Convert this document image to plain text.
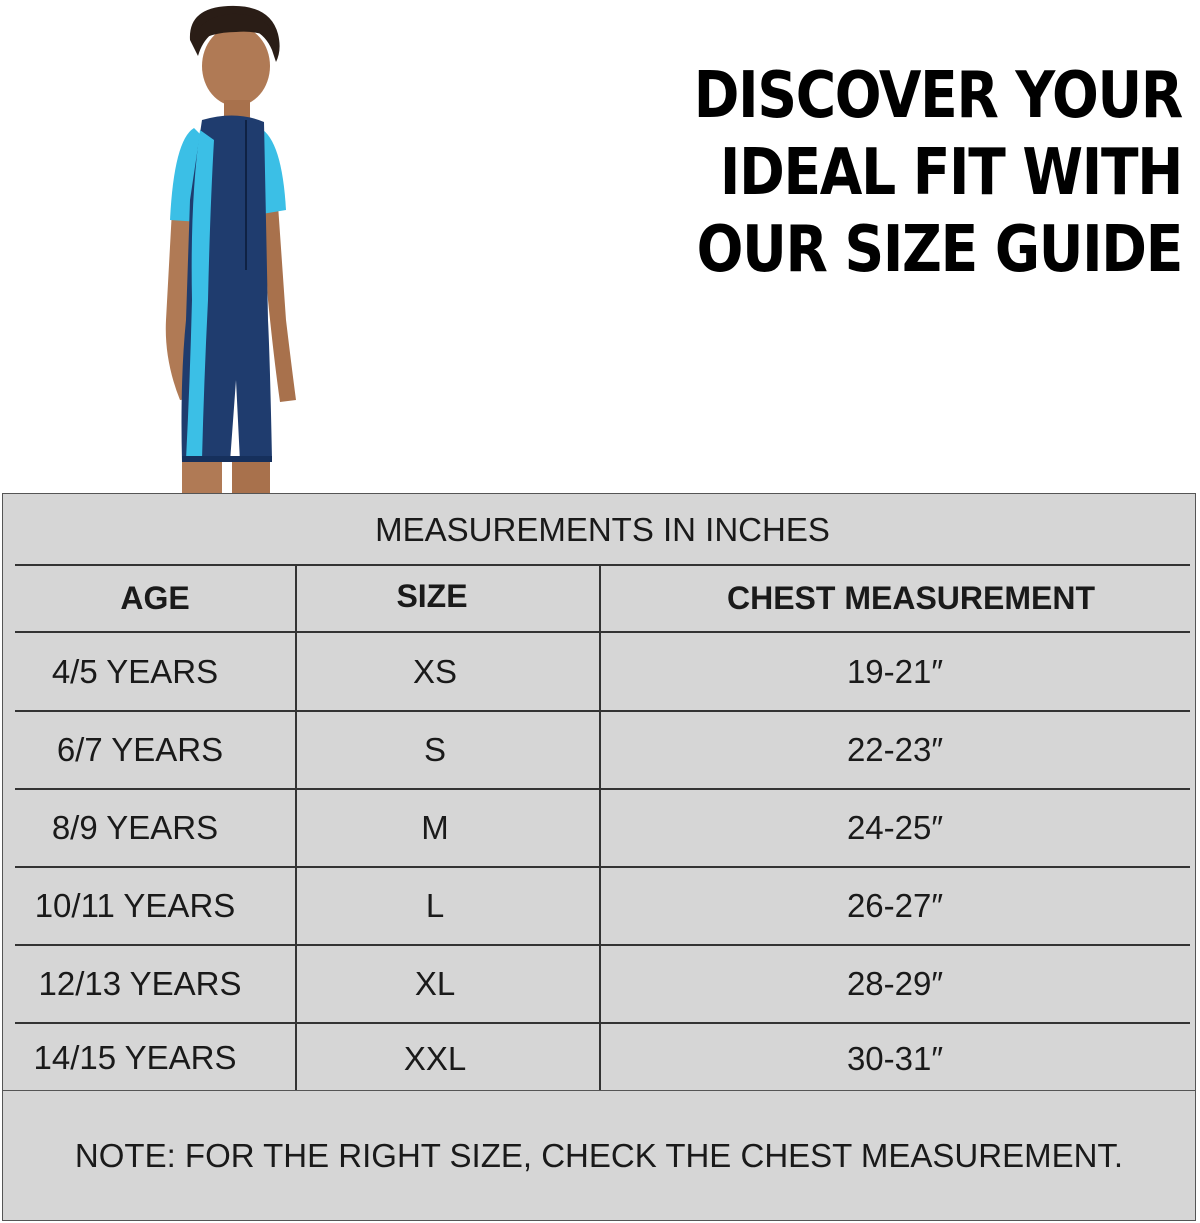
DISCOVER YOUR
IDEAL FIT WITH
OUR SIZE GUIDE
MEASUREMENTS IN INCHES
AGE	SIZE	CHEST MEASUREMENT
4/5 YEARS	XS	19-21″
6/7 YEARS	S	22-23″
8/9 YEARS	M	24-25″
10/11 YEARS	L	26-27″
12/13 YEARS	XL	28-29″
14/15 YEARS	XXL	30-31″
NOTE: FOR THE RIGHT SIZE, CHECK THE CHEST MEASUREMENT.
